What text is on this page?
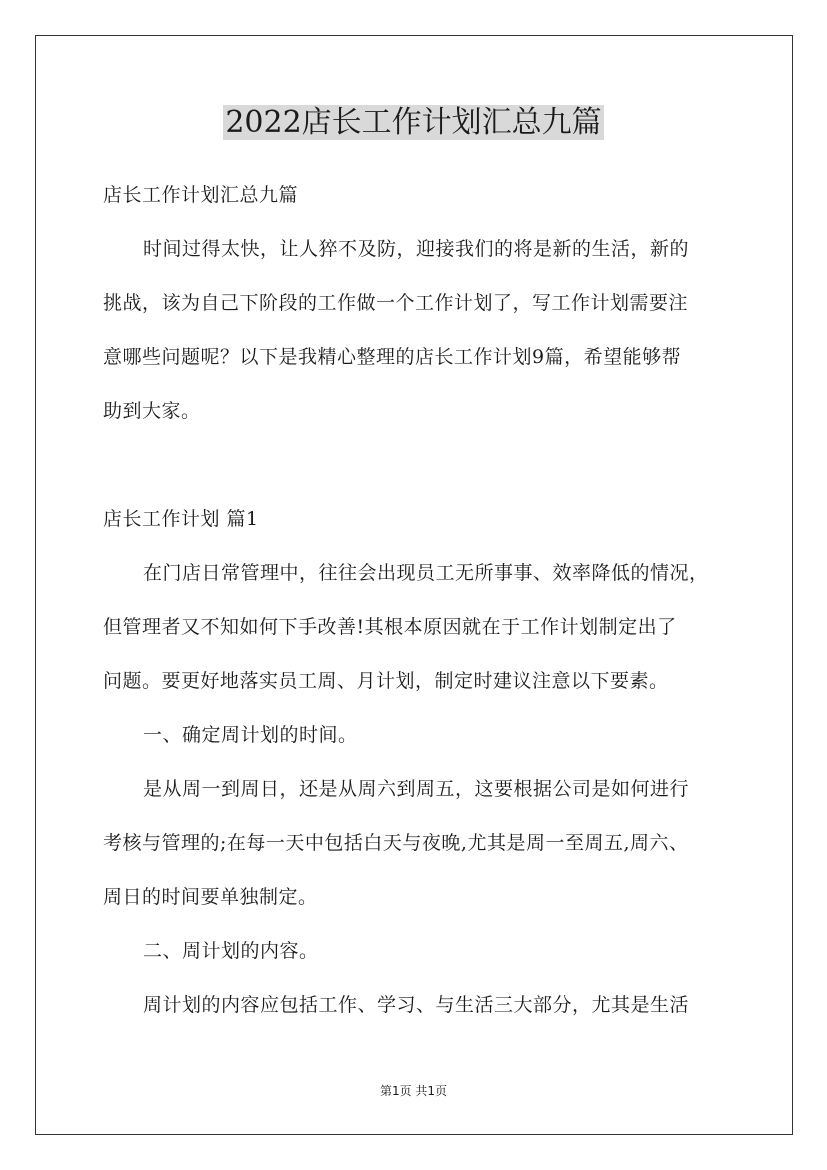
2022店长工作计划汇总九篇
店长工作计划汇总九篇
时间过得太快，让人猝不及防，迎接我们的将是新的生活，新的
挑战，该为自己下阶段的工作做一个工作计划了，写工作计划需要注
意哪些问题呢？以下是我精心整理的店长工作计划9篇，希望能够帮
助到大家。
店长工作计划 篇1
在门店日常管理中，往往会出现员工无所事事、效率降低的情况，
但管理者又不知如何下手改善!其根本原因就在于工作计划制定出了
问题。要更好地落实员工周、月计划，制定时建议注意以下要素。
一、确定周计划的时间。
是从周一到周日，还是从周六到周五，这要根据公司是如何进行
考核与管理的;在每一天中包括白天与夜晚,尤其是周一至周五,周六、
周日的时间要单独制定。
二、周计划的内容。
周计划的内容应包括工作、学习、与生活三大部分，尤其是生活
第1页 共1页
